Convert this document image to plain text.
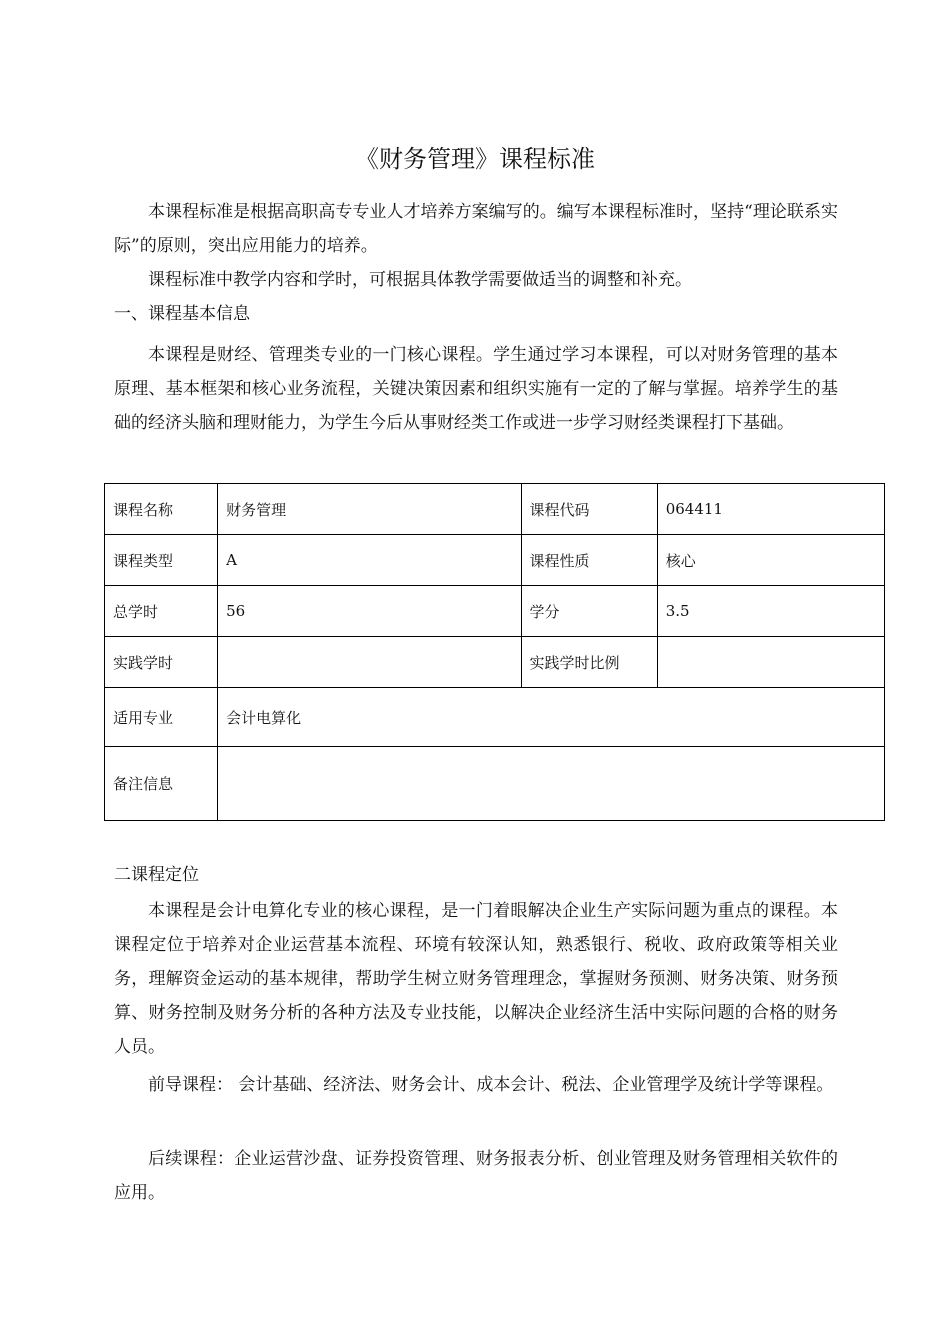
《财务管理》课程标准

本课程标准是根据高职高专专业人才培养方案编写的。编写本课程标准时，坚持“理论联系实际”的原则，突出应用能力的培养。

课程标准中教学内容和学时，可根据具体教学需要做适当的调整和补充。

一、课程基本信息

本课程是财经、管理类专业的一门核心课程。学生通过学习本课程，可以对财务管理的基本原理、基本框架和核心业务流程，关键决策因素和组织实施有一定的了解与掌握。培养学生的基础的经济头脑和理财能力，为学生今后从事财经类工作或进一步学习财经类课程打下基础。

课程名称	财务管理	课程代码	064411
课程类型	A	课程性质	核心
总学时	56	学分	3.5
实践学时		实践学时比例	
适用专业	会计电算化		
备注信息			

二课程定位

本课程是会计电算化专业的核心课程，是一门着眼解决企业生产实际问题为重点的课程。本课程定位于培养对企业运营基本流程、环境有较深认知，熟悉银行、税收、政府政策等相关业务，理解资金运动的基本规律，帮助学生树立财务管理理念，掌握财务预测、财务决策、财务预算、财务控制及财务分析的各种方法及专业技能，以解决企业经济生活中实际问题的合格的财务人员。

前导课程： 会计基础、经济法、财务会计、成本会计、税法、企业管理学及统计学等课程。

后续课程：企业运营沙盘、证券投资管理、财务报表分析、创业管理及财务管理相关软件的应用。
